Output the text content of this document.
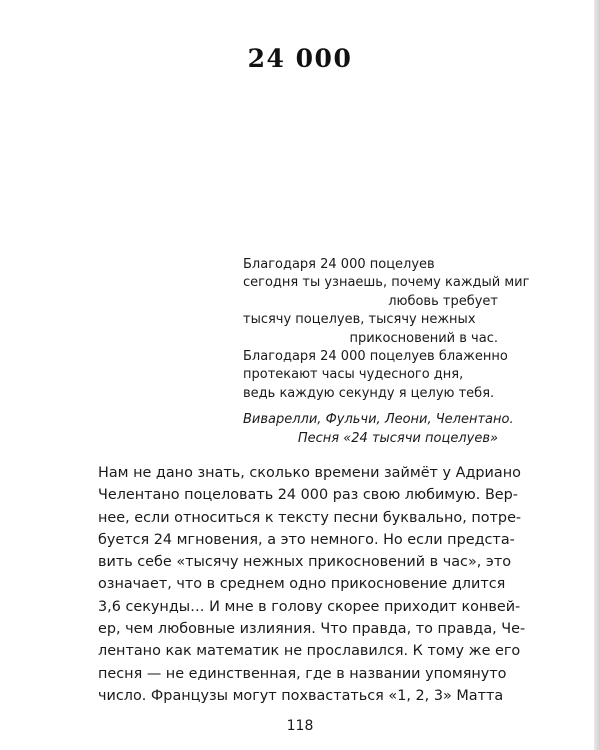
24 000
Благодаря 24 000 поцелуев
сегодня ты узнаешь, почему каждый миг
любовь требует
тысячу поцелуев, тысячу нежных
прикосновений в час.
Благодаря 24 000 поцелуев блаженно
протекают часы чудесного дня,
ведь каждую секунду я целую тебя.
Виварелли, Фульчи, Леони, Челентано.
Песня «24 тысячи поцелуев»
Нам не дано знать, сколько времени займёт у Адриано
Челентано поцеловать 24 000 раз свою любимую. Вер-
нее, если относиться к тексту песни буквально, потре-
буется 24 мгновения, а это немного. Но если предста-
вить себе «тысячу нежных прикосновений в час», это
означает, что в среднем одно прикосновение длится
3,6 секунды… И мне в голову скорее приходит конвей-
ер, чем любовные излияния. Что правда, то правда, Че-
лентано как математик не прославился. К тому же его
песня — не единственная, где в названии упомянуто
число. Французы могут похвастаться «1, 2, 3» Матта
118
